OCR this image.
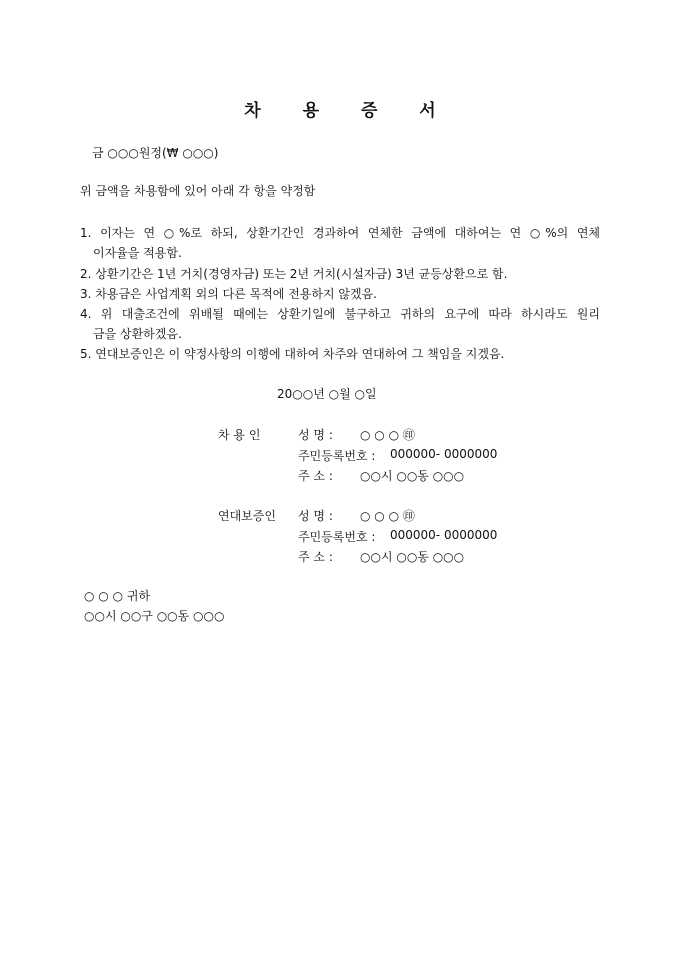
차 용 증 서
금 ○○○원정(₩ ○○○)
위 금액을 차용함에 있어 아래 각 항을 약정함
1. 이자는 연 ○%로 하되, 상환기간인 경과하여 연체한 금액에 대하여는 연 ○%의 연체
이자율을 적용함.
2. 상환기간은 1년 거치(경영자금) 또는 2년 거치(시설자금) 3년 균등상환으로 함.
3. 차용금은 사업계획 외의 다른 목적에 전용하지 않겠음.
4. 위 대출조건에 위배될 때에는 상환기일에 불구하고 귀하의 요구에 따라 하시라도 원리
금을 상환하겠음.
5. 연대보증인은 이 약정사항의 이행에 대하여 차주와 연대하여 그 책임을 지겠음.
20○○년 ○월 ○일
차 용 인	성 명 : ○ ○ ○ ㊞
주민등록번호 : 000000- 0000000
주 소 : ○○시 ○○동 ○○○
연대보증인 성 명 : ○ ○ ○ ㊞
주민등록번호 : 000000- 0000000
주 소 : ○○시 ○○동 ○○○
○ ○ ○ 귀하
○○시 ○○구 ○○동 ○○○
